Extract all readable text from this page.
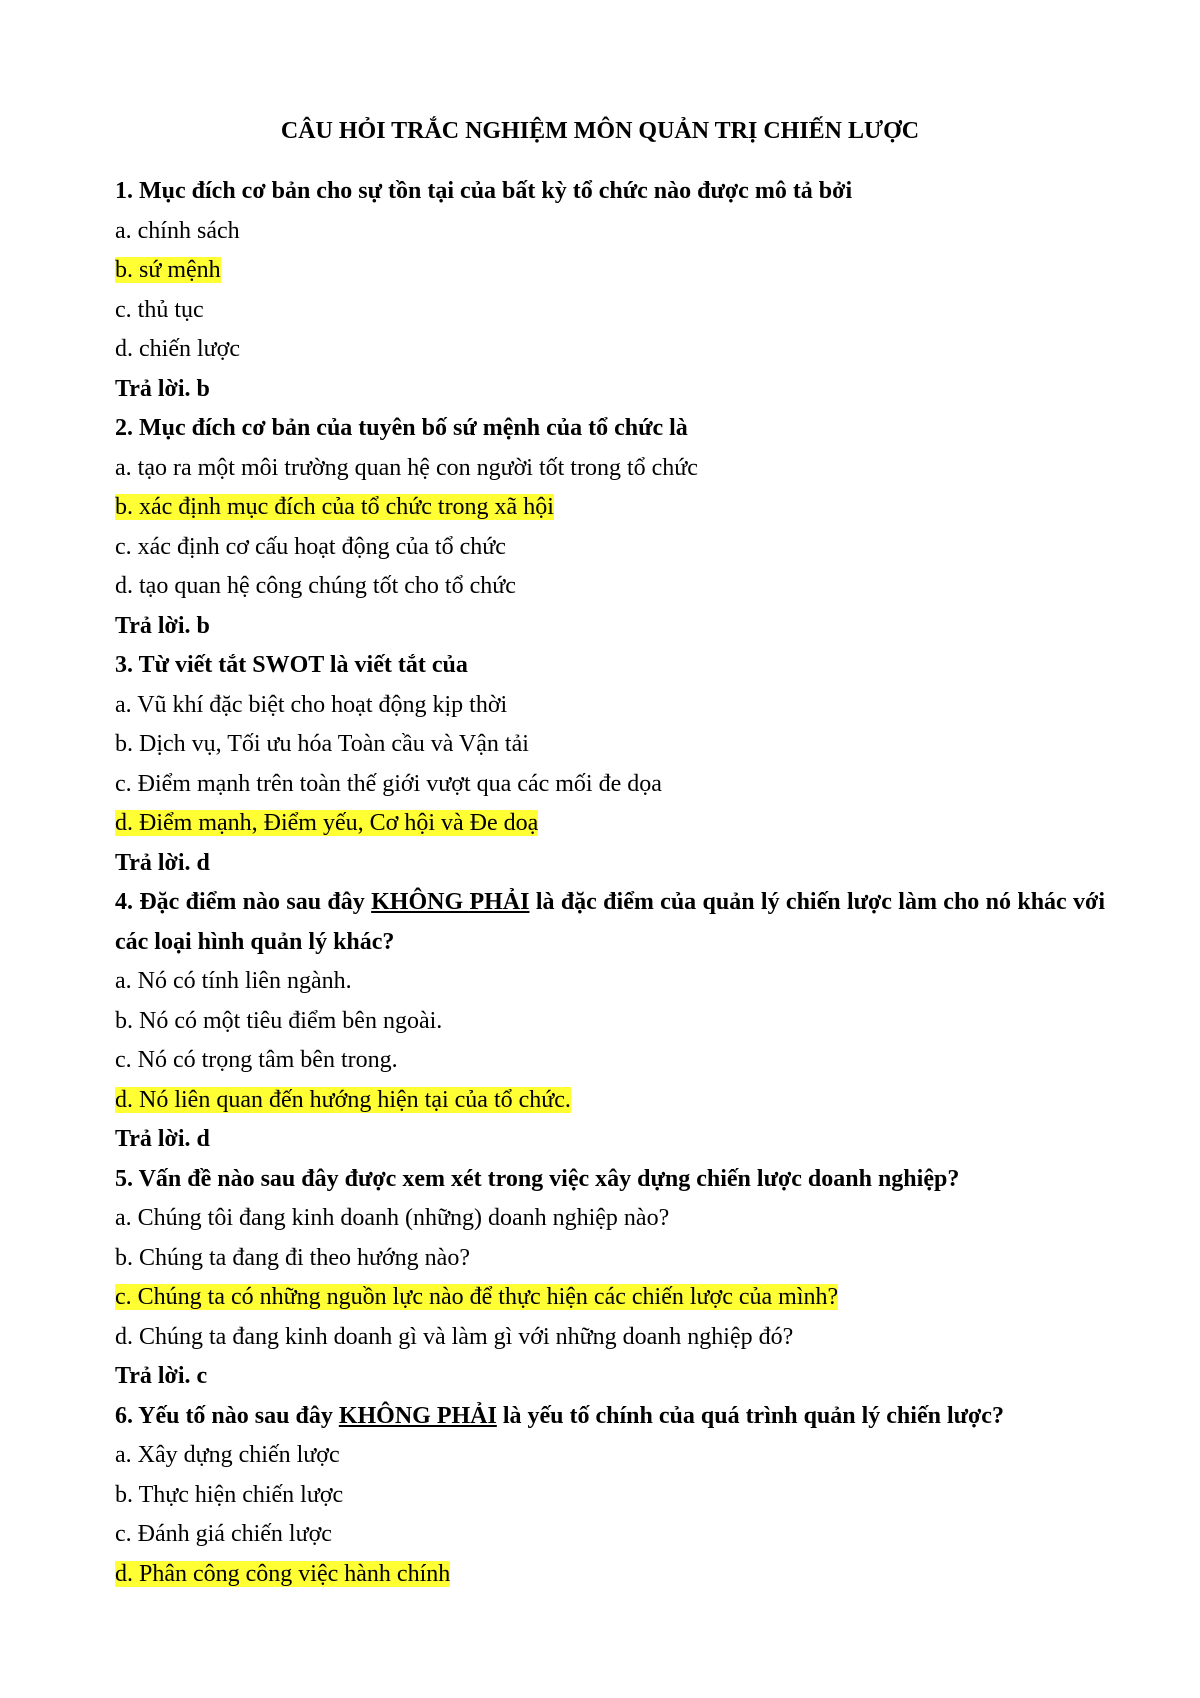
CÂU HỎI TRẮC NGHIỆM MÔN QUẢN TRỊ CHIẾN LƯỢC
1. Mục đích cơ bản cho sự tồn tại của bất kỳ tổ chức nào được mô tả bởi
a. chính sách
b. sứ mệnh
c. thủ tục
d. chiến lược
Trả lời. b
2. Mục đích cơ bản của tuyên bố sứ mệnh của tổ chức là
a. tạo ra một môi trường quan hệ con người tốt trong tổ chức
b. xác định mục đích của tổ chức trong xã hội
c. xác định cơ cấu hoạt động của tổ chức
d. tạo quan hệ công chúng tốt cho tổ chức
Trả lời. b
3. Từ viết tắt SWOT là viết tắt của
a. Vũ khí đặc biệt cho hoạt động kịp thời
b. Dịch vụ, Tối ưu hóa Toàn cầu và Vận tải
c. Điểm mạnh trên toàn thế giới vượt qua các mối đe dọa
d. Điểm mạnh, Điểm yếu, Cơ hội và Đe doạ
Trả lời. d
4. Đặc điểm nào sau đây KHÔNG PHẢI là đặc điểm của quản lý chiến lược làm cho nó khác với các loại hình quản lý khác?
a. Nó có tính liên ngành.
b. Nó có một tiêu điểm bên ngoài.
c. Nó có trọng tâm bên trong.
d. Nó liên quan đến hướng hiện tại của tổ chức.
Trả lời. d
5. Vấn đề nào sau đây được xem xét trong việc xây dựng chiến lược doanh nghiệp?
a. Chúng tôi đang kinh doanh (những) doanh nghiệp nào?
b. Chúng ta đang đi theo hướng nào?
c. Chúng ta có những nguồn lực nào để thực hiện các chiến lược của mình?
d. Chúng ta đang kinh doanh gì và làm gì với những doanh nghiệp đó?
Trả lời. c
6. Yếu tố nào sau đây KHÔNG PHẢI là yếu tố chính của quá trình quản lý chiến lược?
a. Xây dựng chiến lược
b. Thực hiện chiến lược
c. Đánh giá chiến lược
d. Phân công công việc hành chính
